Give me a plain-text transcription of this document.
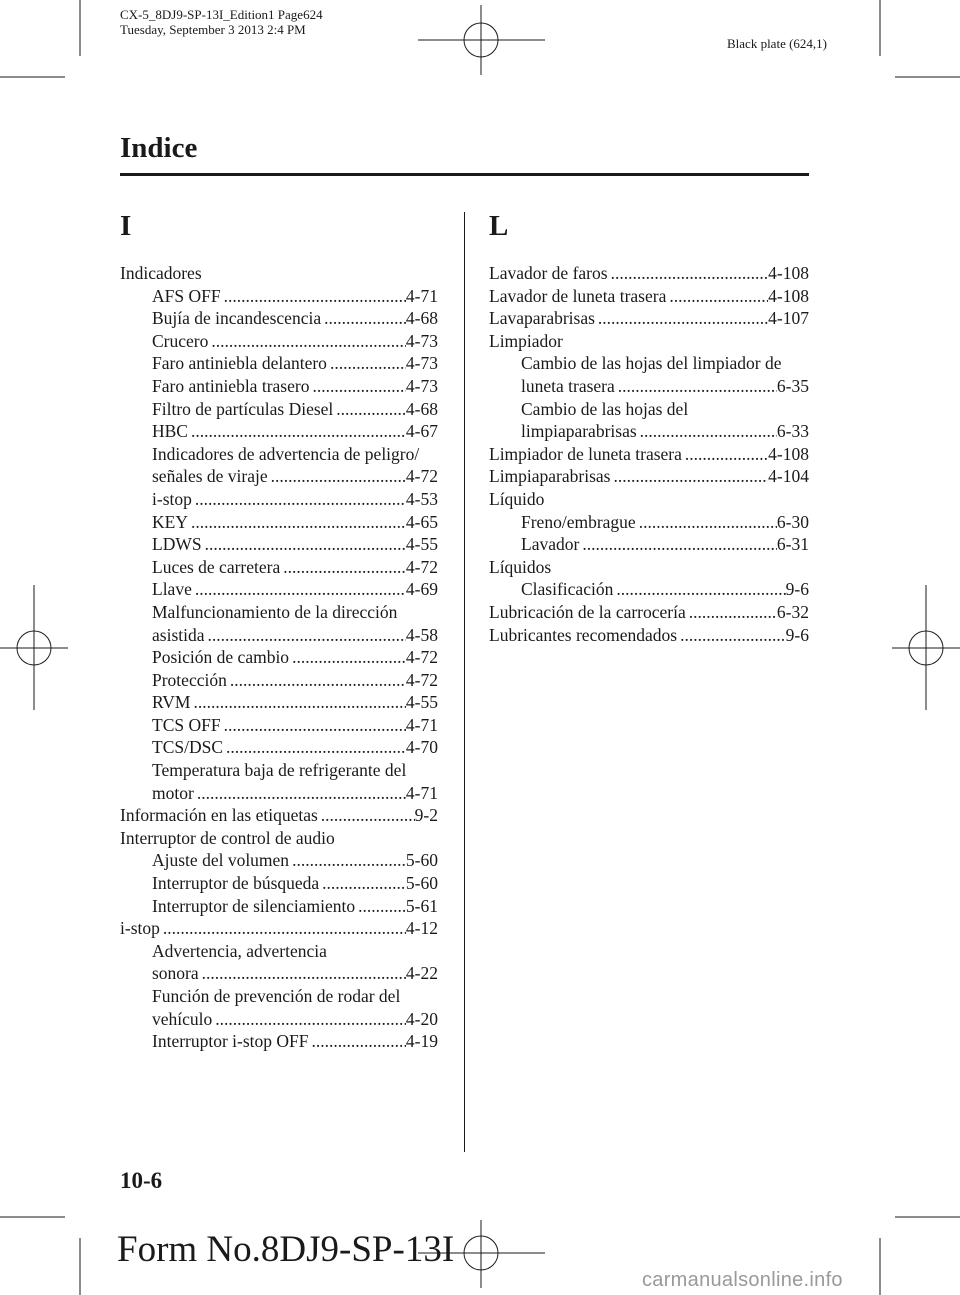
CX-5_8DJ9-SP-13I_Edition1 Page624
Tuesday, September 3 2013 2:4 PM
Black plate (624,1)
Indice
I	L
Indicadores
AFS OFF .....	4-71
Bujía de incandescencia .....	4-68
Crucero .....	4-73
Faro antiniebla delantero .....	4-73
Faro antiniebla trasero .....	4-73
Filtro de partículas Diesel .....	4-68
HBC .....	4-67
Indicadores de advertencia de peligro/
señales de viraje .....	4-72
i-stop .....	4-53
KEY .....	4-65
LDWS .....	4-55
Luces de carretera .....	4-72
Llave .....	4-69
Malfuncionamiento de la dirección
asistida .....	4-58
Posición de cambio .....	4-72
Protección .....	4-72
RVM .....	4-55
TCS OFF .....	4-71
TCS/DSC .....	4-70
Temperatura baja de refrigerante del
motor .....	4-71
Información en las etiquetas .....	9-2
Interruptor de control de audio
Ajuste del volumen .....	5-60
Interruptor de búsqueda .....	5-60
Interruptor de silenciamiento .....	5-61
i-stop .....	4-12
Advertencia, advertencia
sonora .....	4-22
Función de prevención de rodar del
vehículo .....	4-20
Interruptor i-stop OFF .....	4-19
Lavador de faros .....	4-108
Lavador de luneta trasera .....	4-108
Lavaparabrisas .....	4-107
Limpiador
Cambio de las hojas del limpiador de
luneta trasera .....	6-35
Cambio de las hojas del
limpiaparabrisas .....	6-33
Limpiador de luneta trasera .....	4-108
Limpiaparabrisas .....	4-104
Líquido
Freno/embrague .....	6-30
Lavador .....	6-31
Líquidos
Clasificación .....	9-6
Lubricación de la carrocería .....	6-32
Lubricantes recomendados .....	9-6
10-6
Form No.8DJ9-SP-13I
carmanualsonline.info
